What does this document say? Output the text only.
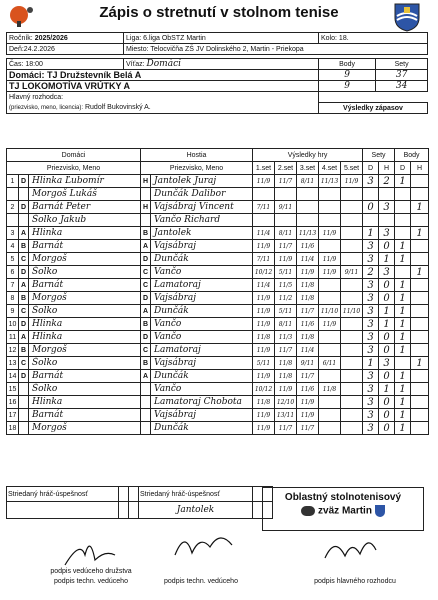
Zápis o stretnutí v stolnom tenise
Ročník: 2025/2026	Liga: 6.liga ObSTZ Martin	Kolo: 18.
Deň:24.2.2026	Miesto: Telocvičňa ZŠ JV Dolinského 2, Martin - Priekopa	
Čas: 18:00	Víťaz: Domáci	Body	Sety
Domáci: TJ Družstevník Belá A		9	37
TJ LOKOMOTÍVA VRÚTKY A		9	34
Hlavný rozhodca:			
(priezvisko, meno, licencia): Rudolf Bukovinský A.		Výsledky zápasov	
Domáci			Hostia		Výsledky hry					Sety		Body	
Priezvisko, Meno			Priezvisko, Meno		1.set	2.set	3.set	4.set	5.set	D	H	D	H
1	D	Hlinka Ľubomír	H	Jantolek Juraj	11/9	11/7	8/11	11/13	11/9	3	2	1	
		Morgoš Lukáš		Dunčák Dalibor									
2	D	Barnát Peter	H	Vajsábraj Vincent	7/11	9/11				0	3		1
		Šolko Jakub		Vančo Richard									
3	A	Hlinka	B	Jantolek	11/4	8/11	11/13	11/9		1	3		1
4	B	Barnát	A	Vajsábraj	11/9	11/7	11/6			3	0	1	
5	C	Morgoš	D	Dunčák	7/11	11/9	11/4	11/9		3	1	1	
6	D	Šolko	C	Vančo	10/12	5/11	11/9	11/9	9/11	2	3		1
7	A	Barnát	C	Lamatoraj	11/4	11/5	11/8			3	0	1	
8	B	Morgoš	D	Vajsábraj	11/9	11/2	11/8			3	0	1	
9	C	Šolko	A	Dunčák	11/9	5/11	11/7	11/10	11/10	3	1	1	
10	D	Hlinka	B	Vančo	11/9	8/11	11/6	11/9		3	1	1	
11	A	Hlinka	D	Vančo	11/8	11/3	11/8			3	0	1	
12	B	Morgoš	C	Lamatoraj	11/9	11/7	11/4			3	0	1	
13	C	Šolko	B	Vajsábraj	5/11	11/8	9/11	6/11		1	3		1
14	D	Barnát	A	Dunčák	11/9	11/8	11/7			3	0	1	
15		Šolko		Vančo	10/12	11/9	11/6	11/8		3	1	1	
16		Hlinka		Lamatoraj Chobota	11/8	12/10	11/9			3	0	1	
17		Barnát		Vajsábraj	11/9	13/11	11/9			3	0	1	
18		Morgoš		Dunčák	11/9	11/7	11/7			3	0	1	
Striedaný hráč-úspešnosť			Striedaný hráč-úspešnosť			
			Jantolek			
Oblastný stolnotenisový
zväz Martin
podpis vedúceho družstva
podpis techn. vedúceho	podpis techn. vedúceho	podpis hlavného rozhodcu
